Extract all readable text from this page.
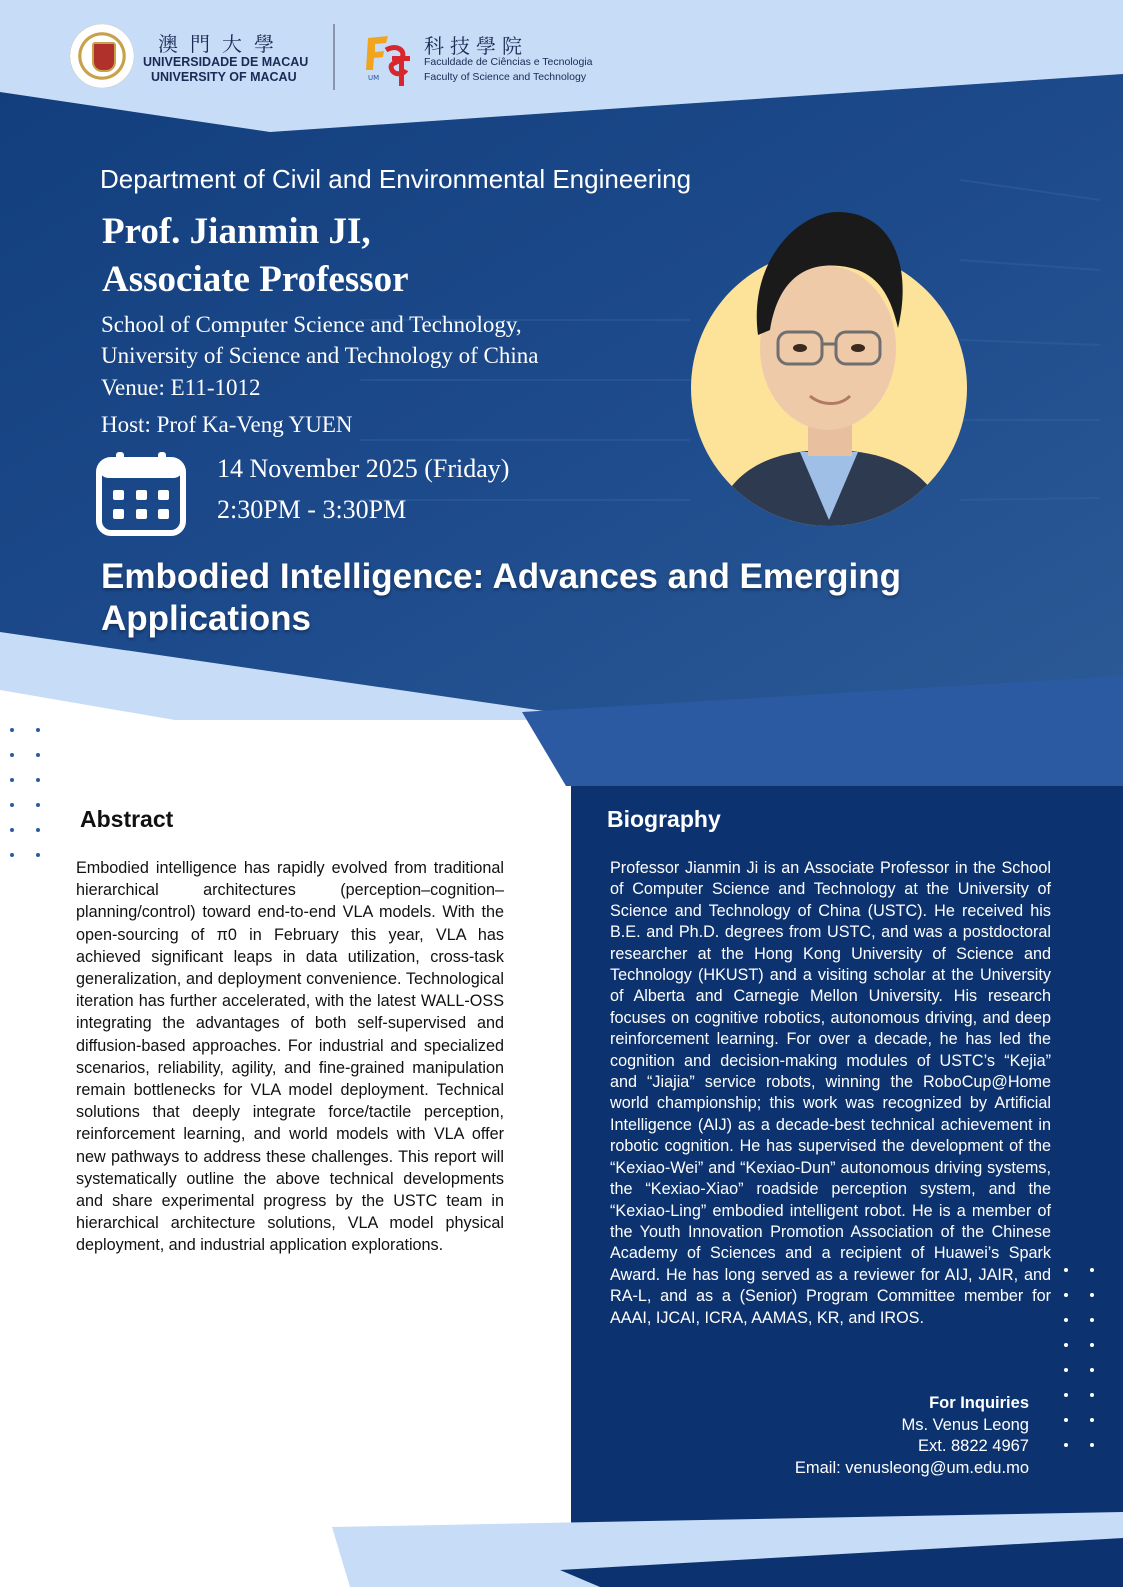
澳門大學
UNIVERSIDADE DE MACAU
UNIVERSITY OF MACAU	UM
科技學院
Faculdade de Ciências e Tecnologia
Faculty of Science and Technology
Department of Civil and Environmental Engineering
Prof. Jianmin JI,
Associate Professor
School of Computer Science and Technology,
University of Science and Technology of China
Venue: E11-1012
Host: Prof Ka-Veng YUEN
14 November 2025 (Friday)
2:30PM - 3:30PM
Embodied Intelligence: Advances and Emerging Applications
Abstract
Embodied intelligence has rapidly evolved from traditional hierarchical architectures (perception–cognition–planning/control) toward end-to-end VLA models. With the open-sourcing of π0 in February this year, VLA has achieved significant leaps in data utilization, cross-task generalization, and deployment convenience. Technological iteration has further accelerated, with the latest WALL-OSS integrating the advantages of both self-supervised and diffusion-based approaches. For industrial and specialized scenarios, reliability, agility, and fine-grained manipulation remain bottlenecks for VLA model deployment. Technical solutions that deeply integrate force/tactile perception, reinforcement learning, and world models with VLA offer new pathways to address these challenges. This report will systematically outline the above technical developments and share experimental progress by the USTC team in hierarchical architecture solutions, VLA model physical deployment, and industrial application explorations.
Biography
Professor Jianmin Ji is an Associate Professor in the School of Computer Science and Technology at the University of Science and Technology of China (USTC). He received his B.E. and Ph.D. degrees from USTC, and was a postdoctoral researcher at the Hong Kong University of Science and Technology (HKUST) and a visiting scholar at the University of Alberta and Carnegie Mellon University. His research focuses on cognitive robotics, autonomous driving, and deep reinforcement learning. For over a decade, he has led the cognition and decision-making modules of USTC’s “Kejia” and “Jiajia” service robots, winning the RoboCup@Home world championship; this work was recognized by Artificial Intelligence (AIJ) as a decade-best technical achievement in robotic cognition. He has supervised the development of the “Kexiao-Wei” and “Kexiao-Dun” autonomous driving systems, the “Kexiao-Xiao” roadside perception system, and the “Kexiao-Ling” embodied intelligent robot. He is a member of the Youth Innovation Promotion Association of the Chinese Academy of Sciences and a recipient of Huawei’s Spark Award. He has long served as a reviewer for AIJ, JAIR, and RA-L, and as a (Senior) Program Committee member for AAAI, IJCAI, ICRA, AAMAS, KR, and IROS.
For Inquiries
Ms. Venus Leong
Ext. 8822 4967
Email: venusleong@um.edu.mo
